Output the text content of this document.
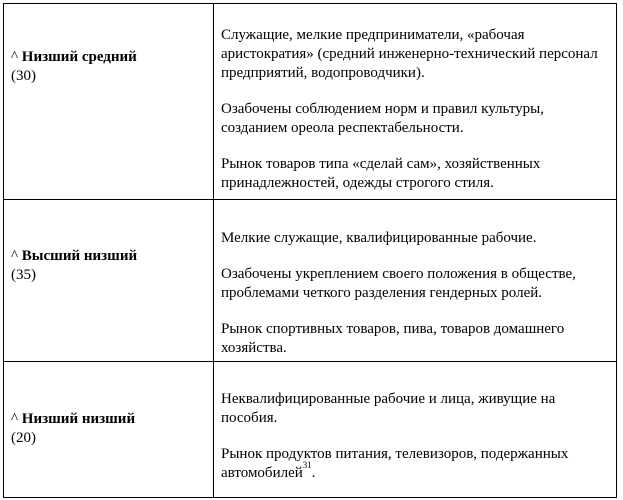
^ Низший средний
(30)

Служащие, мелкие предприниматели, «рабочая аристократия» (средний инженерно-технический персонал предприятий, водопроводчики).

Озабочены соблюдением норм и правил культуры, созданием ореола респектабельности.

Рынок товаров типа «сделай сам», хозяйственных принадлежностей, одежды строгого стиля.

^ Высший низший
(35)

Мелкие служащие, квалифицированные рабочие.

Озабочены укреплением своего положения в обществе, проблемами четкого разделения гендерных ролей.

Рынок спортивных товаров, пива, товаров домашнего хозяйства.

^ Низший низший
(20)

Неквалифицированные рабочие и лица, живущие на пособия.

Рынок продуктов питания, телевизоров, подержанных автомобилей$^{31}$.
